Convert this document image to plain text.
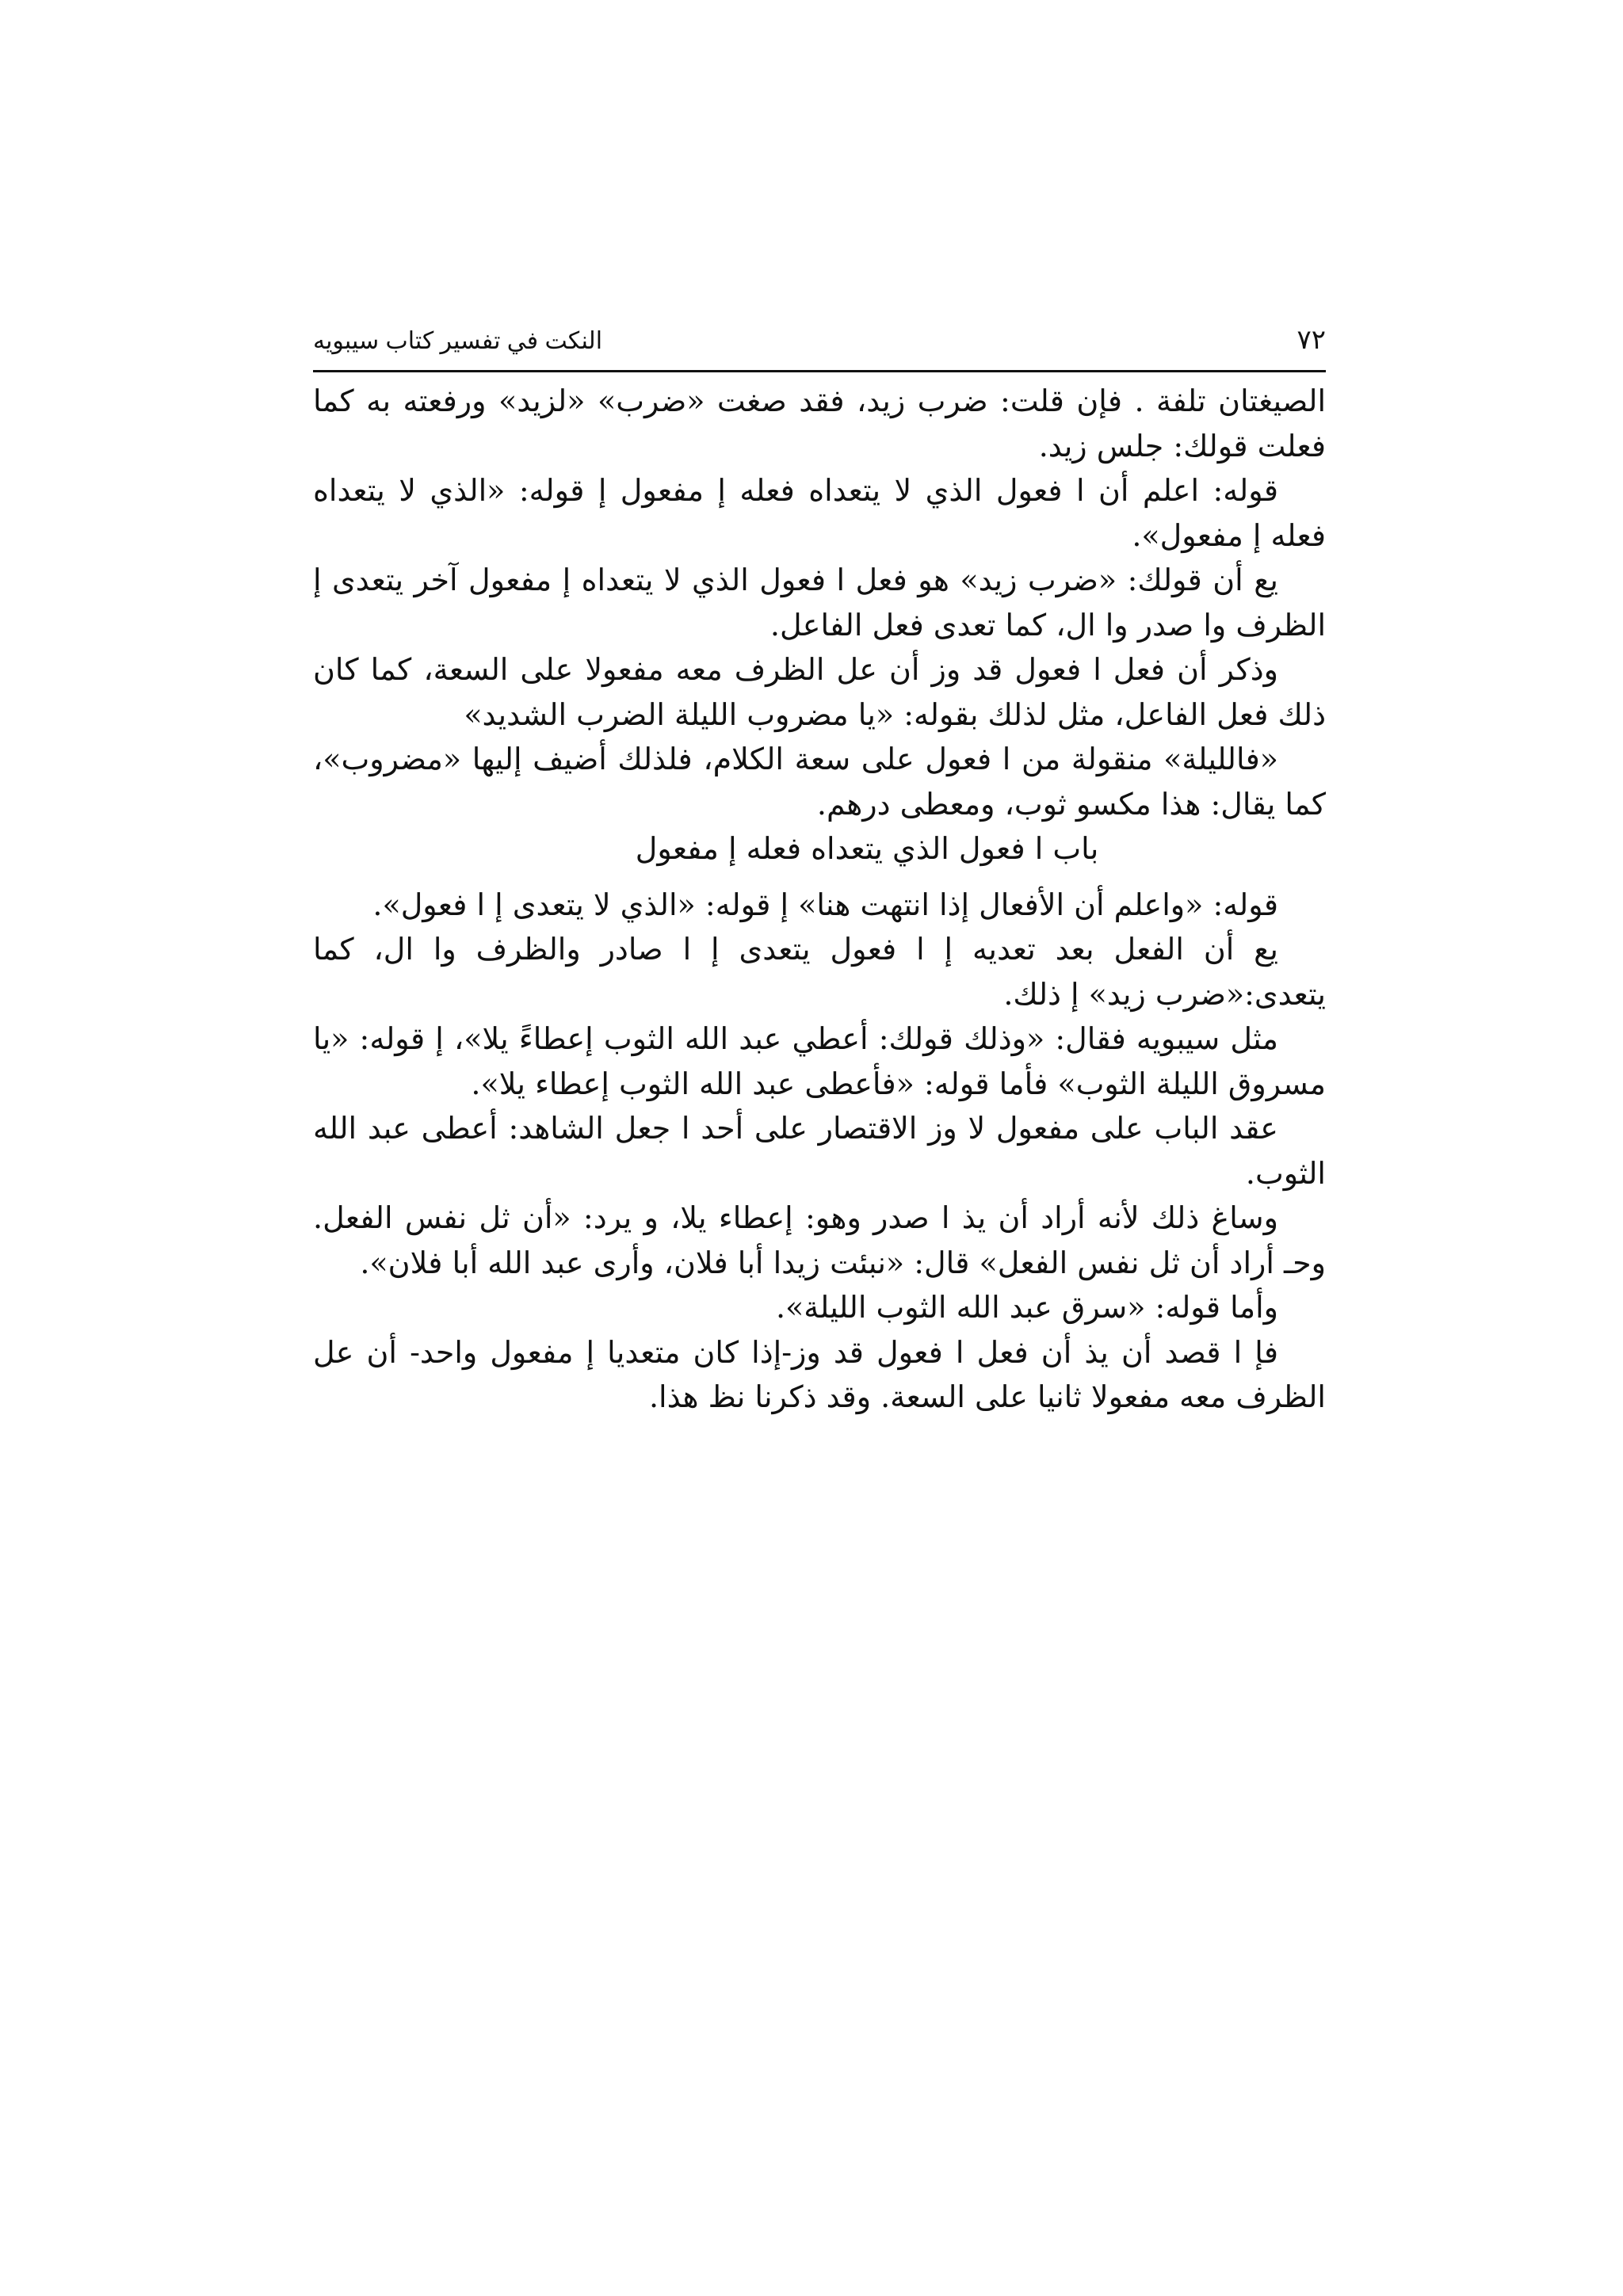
٧٢
النكت في تفسير كتاب سيبويه

الصيغتان تلفة . فإن قلت: ضرب زيد، فقد صغت «ضرب» «لزيد» ورفعته به كما فعلت قولك: جلس زيد.

قوله: اعلم أن ا فعول الذي لا يتعداه فعله إ مفعول إ قوله: «الذي لا يتعداه فعله إ مفعول».

يع أن قولك: «ضرب زيد» هو فعل ا فعول الذي لا يتعداه إ مفعول آخر يتعدى إ الظرف وا صدر وا ال، كما تعدى فعل الفاعل.

وذكر أن فعل ا فعول قد وز أن عل الظرف معه مفعولا على السعة، كما كان ذلك فعل الفاعل، مثل لذلك بقوله: «يا مضروب الليلة الضرب الشديد»

«فالليلة» منقولة من ا فعول على سعة الكلام، فلذلك أضيف إليها «مضروب»، كما يقال: هذا مكسو ثوب، ومعطى درهم.

باب ا فعول الذي يتعداه فعله إ مفعول

قوله: «واعلم أن الأفعال إذا انتهت هنا» إ قوله: «الذي لا يتعدى إ ا فعول».

يع أن الفعل بعد تعديه إ ا فعول يتعدى إ ا صادر والظرف وا ال، كما يتعدى:«ضرب زيد» إ ذلك.

مثل سيبويه فقال: «وذلك قولك: أعطي عبد الله الثوب إعطاءً يلا»، إ قوله: «يا مسروق الليلة الثوب» فأما قوله: «فأعطى عبد الله الثوب إعطاء يلا».

عقد الباب على مفعول لا وز الاقتصار على أحد ا جعل الشاهد: أعطى عبد الله الثوب.

وساغ ذلك لأنه أراد أن يذ ا صدر وهو: إعطاء يلا، و يرد: «أن ثل نفس الفعل. وحـ أراد أن ثل نفس الفعل» قال: «نبئت زيدا أبا فلان، وأرى عبد الله أبا فلان».

وأما قوله: «سرق عبد الله الثوب الليلة».

فإ ا قصد أن يذ أن فعل ا فعول قد وز-إذا كان متعديا إ مفعول واحد- أن عل الظرف معه مفعولا ثانيا على السعة. وقد ذكرنا نظ هذا.
